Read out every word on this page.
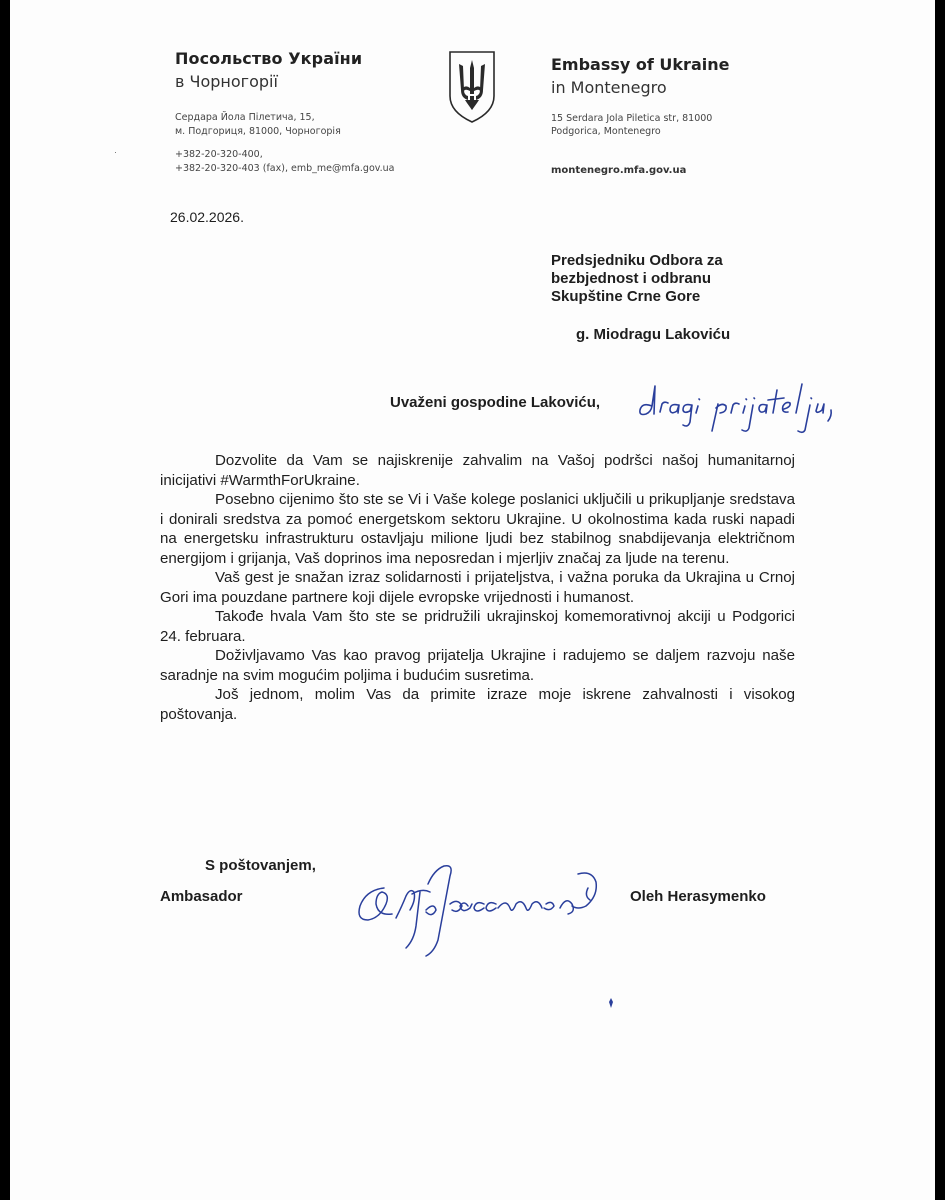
Посольство України
в Чорногорії
Сердара Йола Пілетича, 15,
м. Подгориця, 81000, Чорногорія
·	+382-20-320-400,
+382-20-320-403 (fax), emb_me@mfa.gov.ua
Embassy of Ukraine
in Montenegro
15 Serdara Jola Piletica str, 81000
Podgorica, Montenegro
montenegro.mfa.gov.ua
26.02.2026.
Predsjedniku Odbora za
bezbjednost i odbranu
Skupštine Crne Gore
g. Miodragu Lakoviću
Uvaženi gospodine Lakoviću,

Dozvolite da Vam se najiskrenije zahvalim na Vašoj podršci našoj humanitarnoj inicijativi #WarmthForUkraine.

Posebno cijenimo što ste se Vi i Vaše kolege poslanici uključili u prikupljanje sredstava i donirali sredstva za pomoć energetskom sektoru Ukrajine. U okolnostima kada ruski napadi na energetsku infrastrukturu ostavljaju milione ljudi bez stabilnog snabdijevanja električnom energijom i grijanja, Vaš doprinos ima neposredan i mjerljiv značaj za ljude na terenu.

Vaš gest je snažan izraz solidarnosti i prijateljstva, i važna poruka da Ukrajina u Crnoj Gori ima pouzdane partnere koji dijele evropske vrijednosti i humanost.

Takođe hvala Vam što ste se pridružili ukrajinskoj komemorativnoj akciji u Podgorici 24. februara.

Doživljavamo Vas kao pravog prijatelja Ukrajine i radujemo se daljem razvoju naše saradnje na svim mogućim poljima i budućim susretima.

Još jednom, molim Vas da primite izraze moje iskrene zahvalnosti i visokog poštovanja.

S poštovanjem,
Ambasador	Oleh Herasymenko
